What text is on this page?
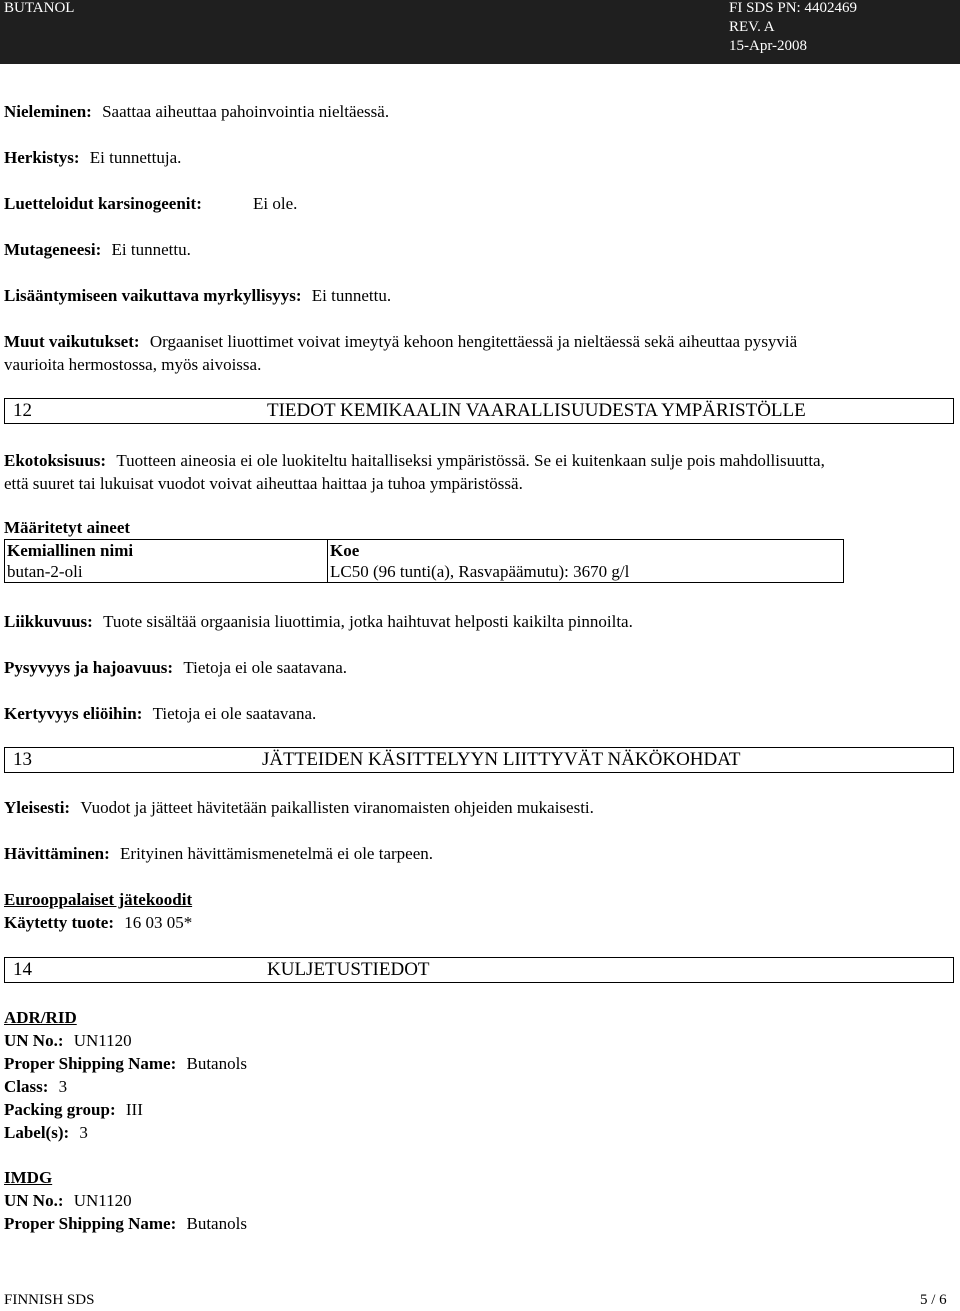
BUTANOL	FI SDS PN: 4402469
REV. A
15-Apr-2008
Nieleminen: Saattaa aiheuttaa pahoinvointia nieltäessä.
Herkistys: Ei tunnettuja.
Luetteloidut karsinogeenit:	Ei ole.
Mutageneesi: Ei tunnettu.
Lisääntymiseen vaikuttava myrkyllisyys: Ei tunnettu.
Muut vaikutukset: Orgaaniset liuottimet voivat imeytyä kehoon hengitettäessä ja nieltäessä sekä aiheuttaa pysyviä
vaurioita hermostossa, myös aivoissa.
12	TIEDOT KEMIKAALIN VAARALLISUUDESTA YMPÄRISTÖLLE
Ekotoksisuus: Tuotteen aineosia ei ole luokiteltu haitalliseksi ympäristössä. Se ei kuitenkaan sulje pois mahdollisuutta,
että suuret tai lukuisat vuodot voivat aiheuttaa haittaa ja tuhoa ympäristössä.
Määritetyt aineet
Kemiallinen nimi	Koe
butan-2-oli	LC50 (96 tunti(a), Rasvapäämutu): 3670 g/l
Liikkuvuus: Tuote sisältää orgaanisia liuottimia, jotka haihtuvat helposti kaikilta pinnoilta.
Pysyvyys ja hajoavuus: Tietoja ei ole saatavana.
Kertyvyys eliöihin: Tietoja ei ole saatavana.
13	JÄTTEIDEN KÄSITTELYYN LIITTYVÄT NÄKÖKOHDAT
Yleisesti: Vuodot ja jätteet hävitetään paikallisten viranomaisten ohjeiden mukaisesti.
Hävittäminen: Erityinen hävittämismenetelmä ei ole tarpeen.
Eurooppalaiset jätekoodit
Käytetty tuote: 16 03 05*
14	KULJETUSTIEDOT
ADR/RID
UN No.: UN1120
Proper Shipping Name: Butanols
Class: 3
Packing group: III
Label(s): 3
IMDG
UN No.: UN1120
Proper Shipping Name: Butanols
FINNISH SDS	5 / 6
